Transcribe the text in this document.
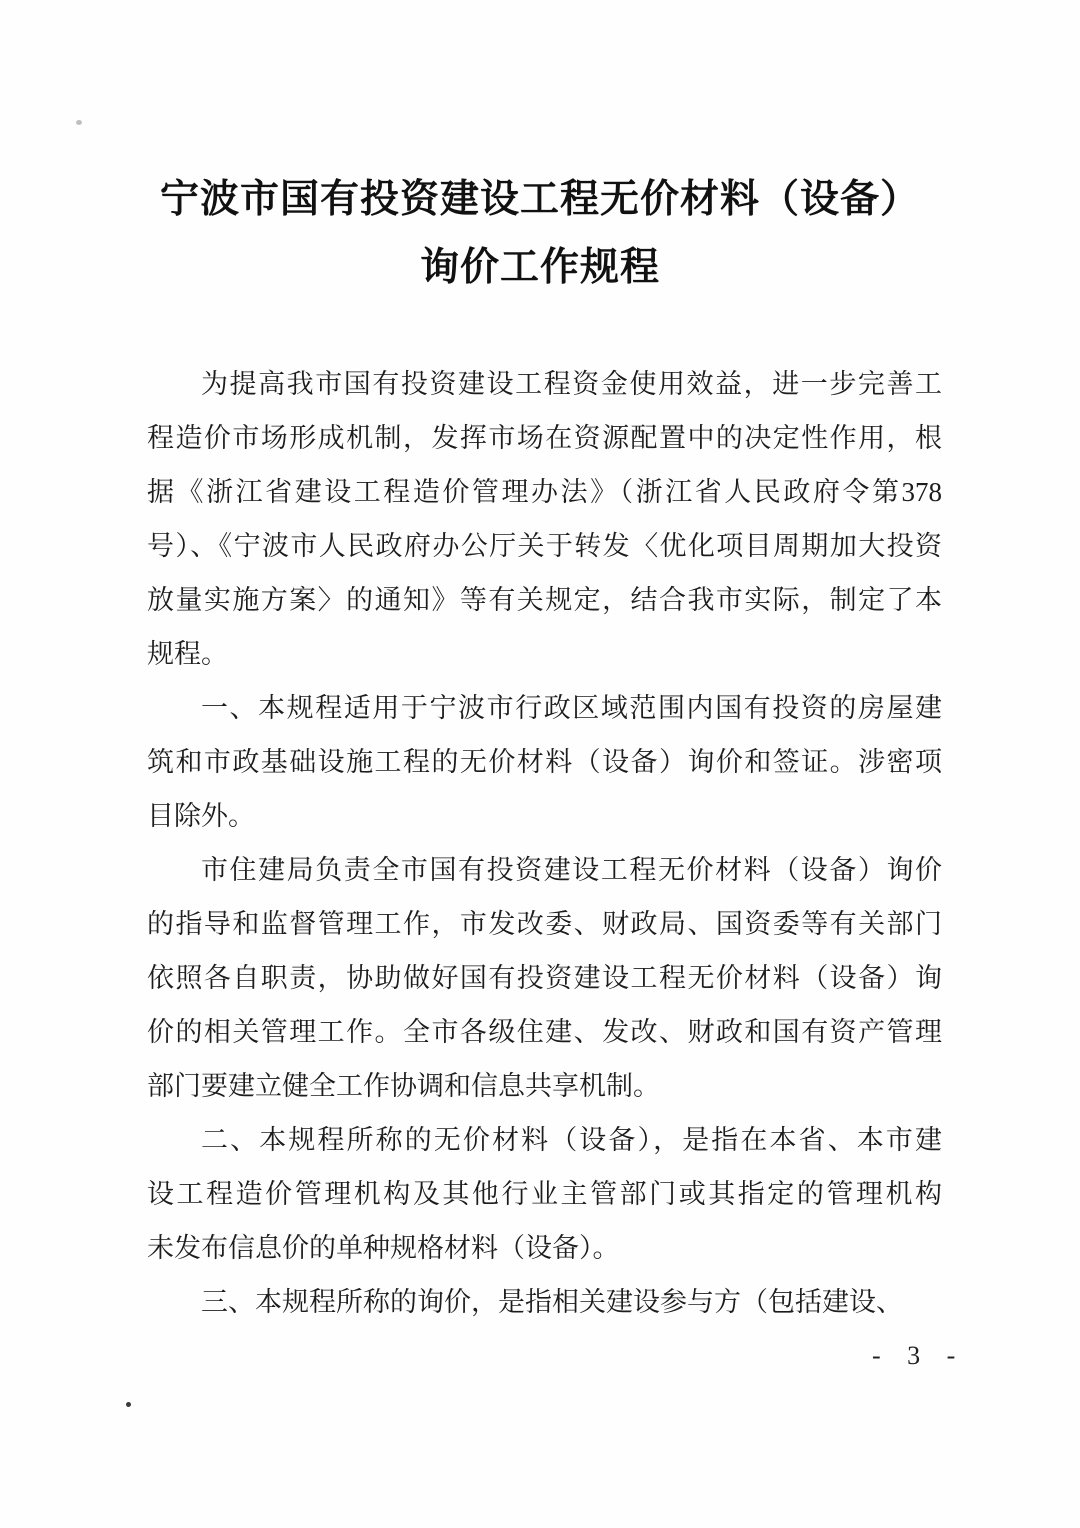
宁波市国有投资建设工程无价材料（设备）
询价工作规程
为提高我市国有投资建设工程资金使用效益，进一步完善工
程造价市场形成机制，发挥市场在资源配置中的决定性作用，根
据《浙江省建设工程造价管理办法》（浙江省人民政府令第378
号）、《宁波市人民政府办公厅关于转发〈优化项目周期加大投资
放量实施方案〉的通知》等有关规定，结合我市实际，制定了本
规程。
一、本规程适用于宁波市行政区域范围内国有投资的房屋建
筑和市政基础设施工程的无价材料（设备）询价和签证。涉密项
目除外。
市住建局负责全市国有投资建设工程无价材料（设备）询价
的指导和监督管理工作，市发改委、财政局、国资委等有关部门
依照各自职责，协助做好国有投资建设工程无价材料（设备）询
价的相关管理工作。全市各级住建、发改、财政和国有资产管理
部门要建立健全工作协调和信息共享机制。
二、本规程所称的无价材料（设备），是指在本省、本市建
设工程造价管理机构及其他行业主管部门或其指定的管理机构
未发布信息价的单种规格材料（设备）。
三、本规程所称的询价，是指相关建设参与方（包括建设、
- 3 -
